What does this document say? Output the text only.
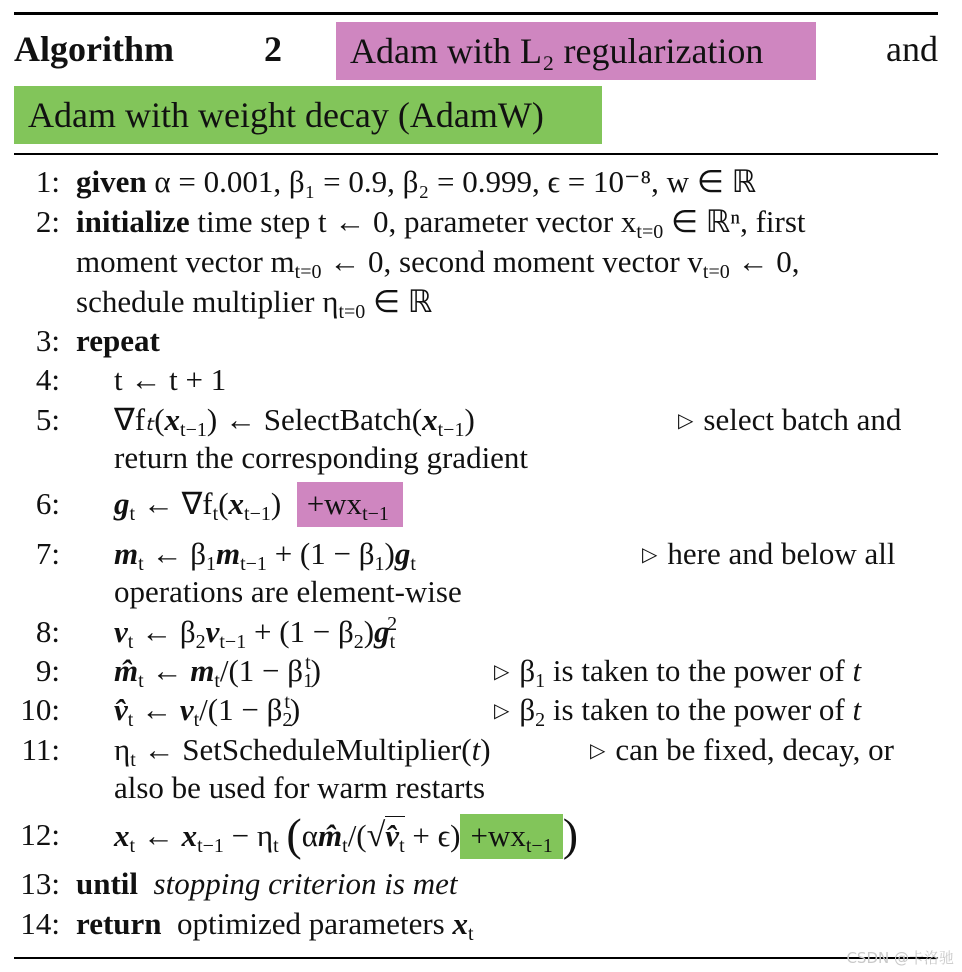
Algorithm	2	Adam with L₂ regularization	and
Adam with weight decay (AdamW)
1: given α = 0.001, β₁ = 0.9, β₂ = 0.999, ϵ = 10⁻⁸, w ∈ ℝ
2: initialize time step t ← 0, parameter vector $x_{t=0}$ ∈ ℝⁿ, first
moment vector $m_{t=0}$ ← 0, second moment vector $v_{t=0}$ ← 0,
schedule multiplier $\eta_{t=0}$ ∈ ℝ
3: repeat
4: t ← t + 1
5: $\nabla f_t(x_{t-1})$ ← $SelectBatch(x_{t-1})$	▷ select batch and
return the corresponding gradient
6: $g_t$ ← $\nabla f_t(x_{t-1}) +wx_{t-1}$
7: $m_t$ ← $\beta_1m_{t-1} + (1 - \beta_1)g_t$	▷ here and below all
operations are element-wise
8: $v_t$ ← $\beta_2v_{t-1} + (1 - \beta_2)g_t^2$
9: $m̂_t$ ← $m_t/(1 - \beta_1^t)$	▷ $\beta_1$ is taken to the power of t
10: $v̂_t$ ← $v_t/(1 - \beta_2^t)$	▷ $\beta_2$ is taken to the power of t
11: $\eta_t$ ← SetScheduleMultiplier(t)	▷ can be fixed, decay, or
also be used for warm restarts
12: $x_t$ ← $x_{t-1} - \eta_t$ ($\alpha m̂_t/(√v̂_t + \epsilon) +wx_{t-1}$ )
13: until stopping criterion is met
14: return optimized parameters $x_t$
CSDN @卡洛驰
